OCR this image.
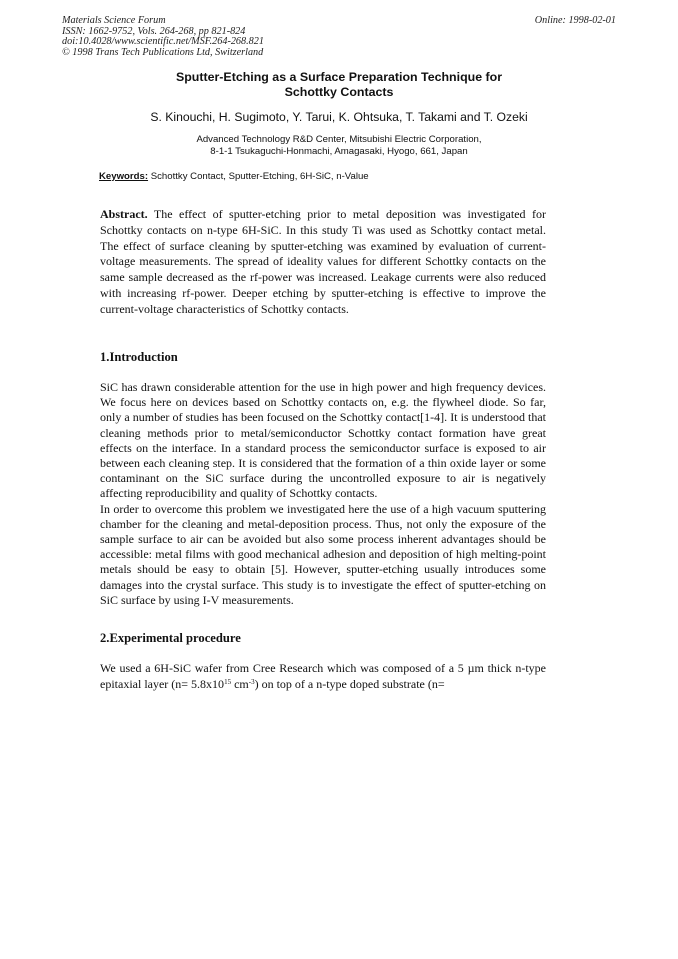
Materials Science Forum
ISSN: 1662-9752, Vols. 264-268, pp 821-824
doi:10.4028/www.scientific.net/MSF.264-268.821
© 1998 Trans Tech Publications Ltd, Switzerland
Online: 1998-02-01
Sputter-Etching as a Surface Preparation Technique for
Schottky Contacts
S. Kinouchi, H. Sugimoto, Y. Tarui, K. Ohtsuka, T. Takami and T. Ozeki
Advanced Technology R&D Center, Mitsubishi Electric Corporation,
8-1-1 Tsukaguchi-Honmachi, Amagasaki, Hyogo, 661, Japan
Keywords: Schottky Contact, Sputter-Etching, 6H-SiC, n-Value
Abstract. The effect of sputter-etching prior to metal deposition was investigated for Schottky contacts on n-type 6H-SiC. In this study Ti was used as Schottky contact metal. The effect of surface cleaning by sputter-etching was examined by evaluation of current-voltage measurements. The spread of ideality values for different Schottky contacts on the same sample decreased as the rf-power was increased. Leakage currents were also reduced with increasing rf-power. Deeper etching by sputter-etching is effective to improve the current-voltage characteristics of Schottky contacts.
1.Introduction

SiC has drawn considerable attention for the use in high power and high frequency devices. We focus here on devices based on Schottky contacts on, e.g. the flywheel diode. So far, only a number of studies has been focused on the Schottky contact[1-4]. It is understood that cleaning methods prior to metal/semiconductor Schottky contact formation have great effects on the interface. In a standard process the semiconductor surface is exposed to air between each cleaning step. It is considered that the formation of a thin oxide layer or some contaminant on the SiC surface during the uncontrolled exposure to air is negatively affecting reproducibility and quality of Schottky contacts.

In order to overcome this problem we investigated here the use of a high vacuum sputtering chamber for the cleaning and metal-deposition process. Thus, not only the exposure of the sample surface to air can be avoided but also some process inherent advantages should be accessible: metal films with good mechanical adhesion and deposition of high melting-point metals should be easy to obtain [5]. However, sputter-etching usually introduces some damages into the crystal surface. This study is to investigate the effect of sputter-etching on SiC surface by using I-V measurements.

2.Experimental procedure

We used a 6H-SiC wafer from Cree Research which was composed of a 5 µm thick n-type epitaxial layer ($n= 5.8x10^{15}$ $cm^{-3}$) on top of a n-type doped substrate (n=
